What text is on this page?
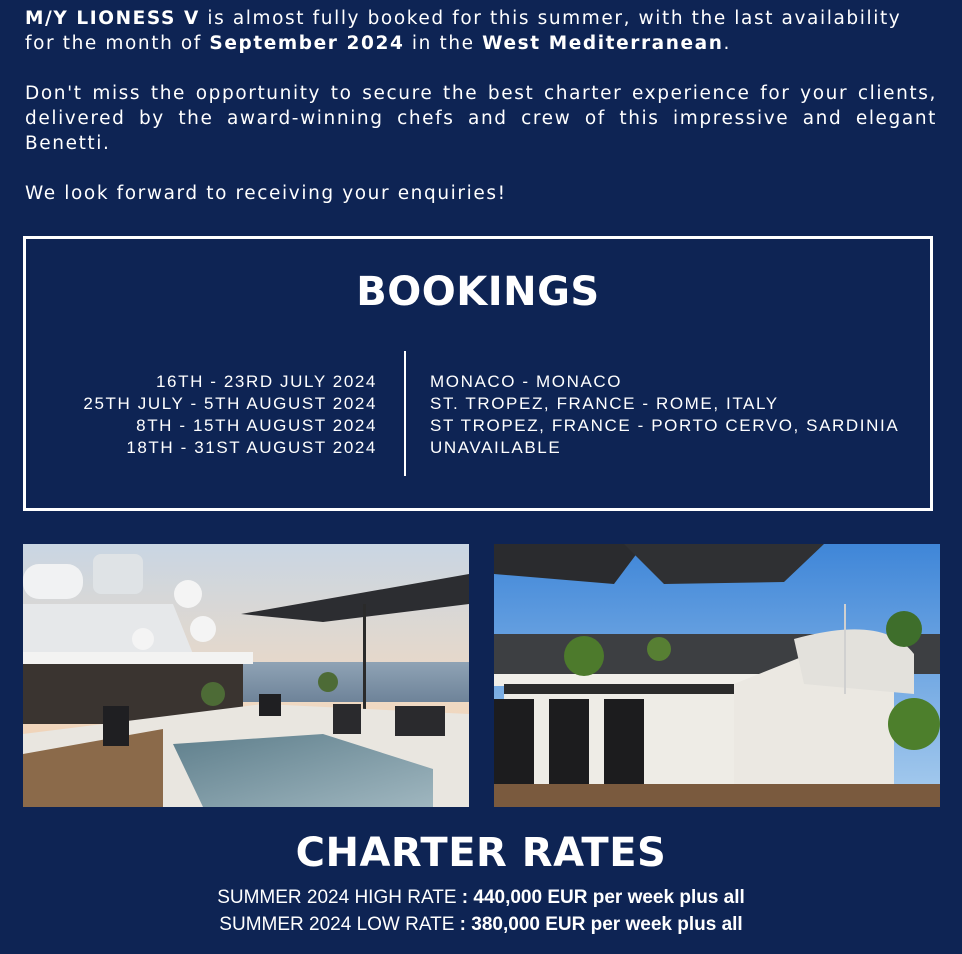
M/Y LIONESS V is almost fully booked for this summer, with the last availability for the month of September 2024 in the West Mediterranean.

Don't miss the opportunity to secure the best charter experience for your clients, delivered by the award-winning chefs and crew of this impressive and elegant Benetti.

We look forward to receiving your enquiries!

BOOKINGS
16TH - 23RD JULY 2024
25TH JULY - 5TH AUGUST 2024
8TH - 15TH AUGUST 2024
18TH - 31ST AUGUST 2024
MONACO - MONACO
ST. TROPEZ, FRANCE - ROME, ITALY
ST TROPEZ, FRANCE - PORTO CERVO, SARDINIA
UNAVAILABLE
CHARTER RATES
SUMMER 2024 HIGH RATE : 440,000 EUR per week plus all
SUMMER 2024 LOW RATE : 380,000 EUR per week plus all
